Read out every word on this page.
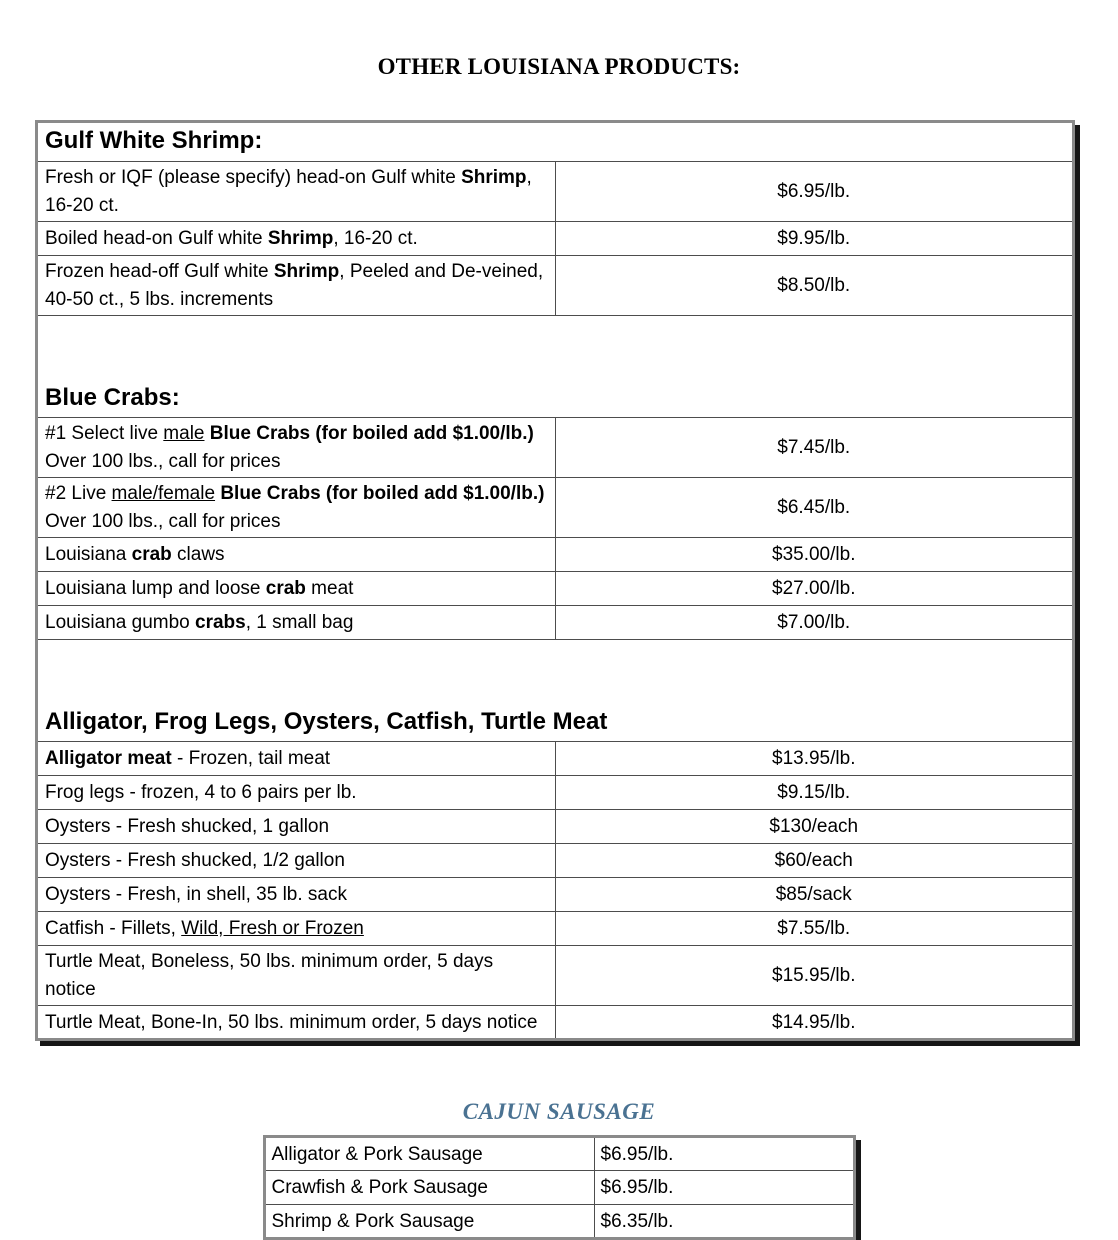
OTHER LOUISIANA PRODUCTS:
Gulf White Shrimp:	
Fresh or IQF (please specify) head-on Gulf white Shrimp, 16-20 ct.	$6.95/lb.
Boiled head-on Gulf white Shrimp, 16-20 ct.	$9.95/lb.
Frozen head-off Gulf white Shrimp, Peeled and De-veined, 40-50 ct., 5 lbs. increments	$8.50/lb.
Blue Crabs:	
#1 Select live male Blue Crabs (for boiled add $1.00/lb.)
Over 100 lbs., call for prices	$7.45/lb.
#2 Live male/female Blue Crabs (for boiled add $1.00/lb.)
Over 100 lbs., call for prices	$6.45/lb.
Louisiana crab claws	$35.00/lb.
Louisiana lump and loose crab meat	$27.00/lb.
Louisiana gumbo crabs, 1 small bag	$7.00/lb.
Alligator, Frog Legs, Oysters, Catfish, Turtle Meat	
Alligator meat - Frozen, tail meat	$13.95/lb.
Frog legs - frozen, 4 to 6 pairs per lb.	$9.15/lb.
Oysters - Fresh shucked, 1 gallon	$130/each
Oysters - Fresh shucked, 1/2 gallon	$60/each
Oysters - Fresh, in shell, 35 lb. sack	$85/sack
Catfish - Fillets, Wild, Fresh or Frozen	$7.55/lb.
Turtle Meat, Boneless, 50 lbs. minimum order, 5 days notice	$15.95/lb.
Turtle Meat, Bone-In, 50 lbs. minimum order, 5 days notice	$14.95/lb.
CAJUN SAUSAGE
Alligator & Pork Sausage	$6.95/lb.
Crawfish & Pork Sausage	$6.95/lb.
Shrimp & Pork Sausage	$6.35/lb.
